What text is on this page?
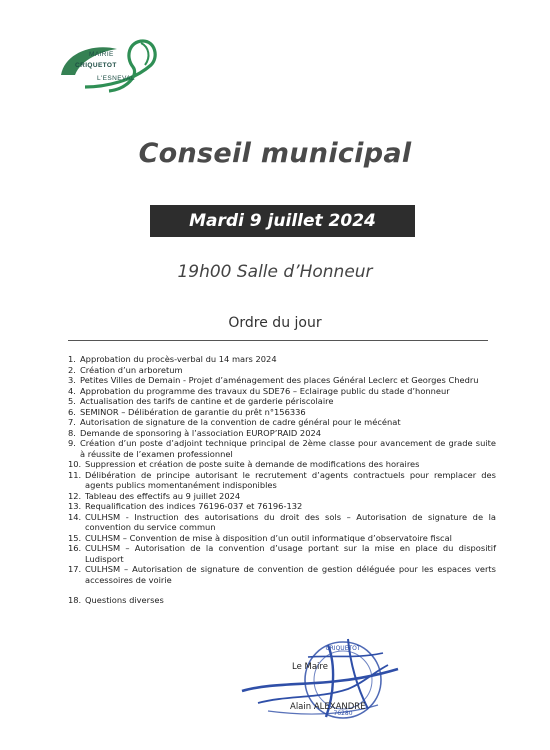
MAIRIE
CRIQUETOT
L'ESNEVAL
Conseil municipal
Mardi 9 juillet 2024
19h00 Salle d’Honneur
Ordre du jour
1. Approbation du procès-verbal du 14 mars 2024
2. Création d’un arboretum
3. Petites Villes de Demain - Projet d’aménagement des places Général Leclerc et Georges Chedru
4. Approbation du programme des travaux du SDE76 – Eclairage public du stade d’honneur
5. Actualisation des tarifs de cantine et de garderie périscolaire
6. SEMINOR – Délibération de garantie du prêt n°156336
7. Autorisation de signature de la convention de cadre général pour le mécénat
8. Demande de sponsoring à l’association EUROP’RAID 2024
9. Création d’un poste d’adjoint technique principal de 2ème classe pour avancement de grade suite à réussite de l’examen professionnel
10. Suppression et création de poste suite à demande de modifications des horaires
11. Délibération de principe autorisant le recrutement d’agents contractuels pour remplacer des agents publics momentanément indisponibles
12. Tableau des effectifs au 9 juillet 2024
13. Requalification des indices 76196-037 et 76196-132
14. CULHSM - Instruction des autorisations du droit des sols – Autorisation de signature de la convention du service commun
15. CULHSM – Convention de mise à disposition d’un outil informatique d’observatoire fiscal
16. CULHSM – Autorisation de la convention d’usage portant sur la mise en place du dispositif Ludisport
17. CULHSM – Autorisation de signature de convention de gestion déléguée pour les espaces verts accessoires de voirie
18. Questions diverses
CRIQUETOT
76280
Le Maire
Alain ALEXANDRE
